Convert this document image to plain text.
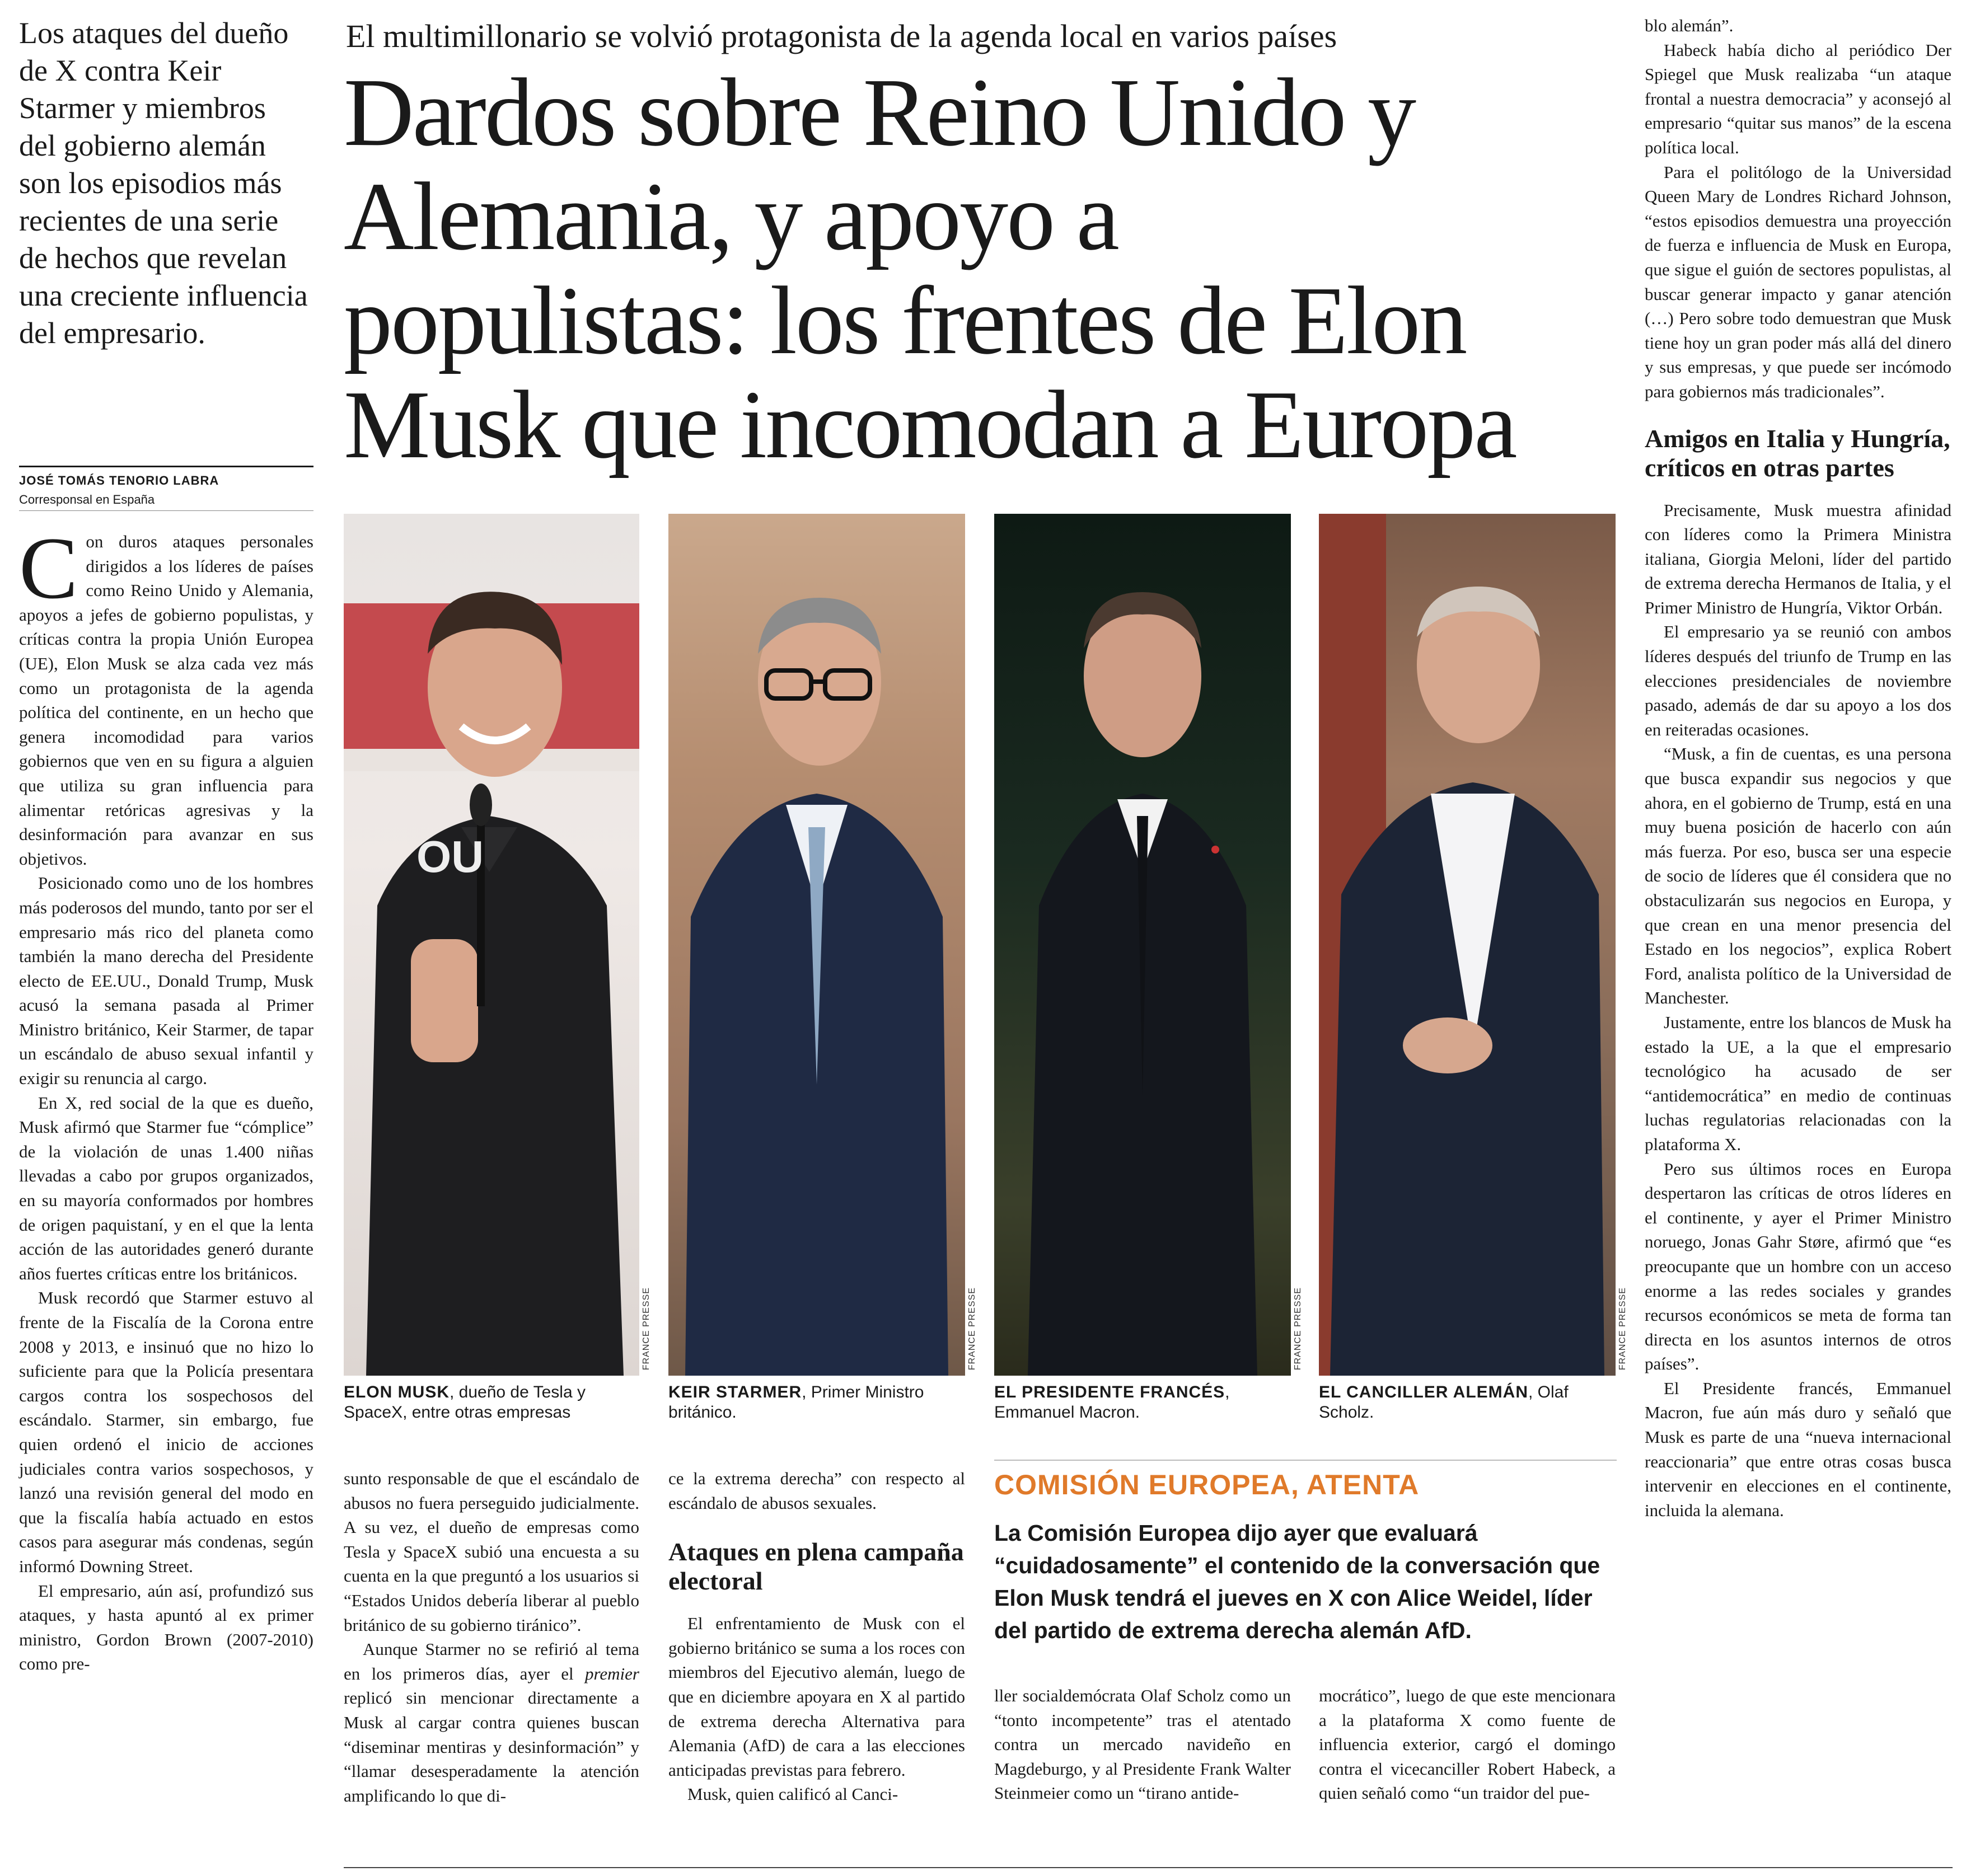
Los ataques del dueño de X contra Keir Starmer y miembros del gobierno alemán son los episodios más recientes de una serie de hechos que revelan una creciente influencia del empresario.
El multimillonario se volvió protagonista de la agenda local en varios países
Dardos sobre Reino Unido y
Alemania, y apoyo a
populistas: los frentes de Elon
Musk que incomodan a Europa
JOSÉ TOMÁS TENORIO LABRA
Corresponsal en España

Con duros ataques personales dirigidos a los líderes de países como Reino Unido y Alemania, apoyos a jefes de gobierno populistas, y críticas contra la propia Unión Europea (UE), Elon Musk se alza cada vez más como un protagonista de la agenda política del continente, en un hecho que genera incomodidad para varios gobiernos que ven en su figura a alguien que utiliza su gran influencia para alimentar retóricas agresivas y la desinformación para avanzar en sus objetivos.

Posicionado como uno de los hombres más poderosos del mundo, tanto por ser el empresario más rico del planeta como también la mano derecha del Presidente electo de EE.UU., Donald Trump, Musk acusó la semana pasada al Primer Ministro británico, Keir Starmer, de tapar un escándalo de abuso sexual infantil y exigir su renuncia al cargo.

En X, red social de la que es dueño, Musk afirmó que Starmer fue “cómplice” de la violación de unas 1.400 niñas llevadas a cabo por grupos organizados, en su mayoría conformados por hombres de origen paquistaní, y en el que la lenta acción de las autoridades generó durante años fuertes críticas entre los británicos.

Musk recordó que Starmer estuvo al frente de la Fiscalía de la Corona entre 2008 y 2013, e insinuó que no hizo lo suficiente para que la Policía presentara cargos contra los sospechosos del escándalo. Starmer, sin embargo, fue quien ordenó el inicio de acciones judiciales contra varios sospechosos, y lanzó una revisión general del modo en que la fiscalía había actuado en estos casos para asegurar más condenas, según informó Downing Street.

El empresario, aún así, profundizó sus ataques, y hasta apuntó al ex primer ministro, Gordon Brown (2007-2010) como pre-

OU
FRANCE PRESSE	FRANCE PRESSE	FRANCE PRESSE	FRANCE PRESSE
ELON MUSK, dueño de Tesla y SpaceX, entre otras empresas
KEIR STARMER, Primer Ministro británico.
EL PRESIDENTE FRANCÉS, Emmanuel Macron.
EL CANCILLER ALEMÁN, Olaf Scholz.

sunto responsable de que el escándalo de abusos no fuera perseguido judicialmente. A su vez, el dueño de empresas como Tesla y SpaceX subió una encuesta a su cuenta en la que preguntó a los usuarios si “Estados Unidos debería liberar al pueblo británico de su gobierno tiránico”.

Aunque Starmer no se refirió al tema en los primeros días, ayer el premier replicó sin mencionar directamente a Musk al cargar contra quienes buscan “diseminar mentiras y desinformación” y “llamar desesperadamente la atención amplificando lo que di-

ce la extrema derecha” con respecto al escándalo de abusos sexuales.

Ataques en plena campaña electoral

El enfrentamiento de Musk con el gobierno británico se suma a los roces con miembros del Ejecutivo alemán, luego de que en diciembre apoyara en X al partido de extrema derecha Alternativa para Alemania (AfD) de cara a las elecciones anticipadas previstas para febrero.

Musk, quien calificó al Canci-

COMISIÓN EUROPEA, ATENTA
La Comisión Europea dijo ayer que evaluará “cuidadosamente” el contenido de la conversación que Elon Musk tendrá el jueves en X con Alice Weidel, líder del partido de extrema derecha alemán AfD.

ller socialdemócrata Olaf Scholz como un “tonto incompetente” tras el atentado contra un mercado navideño en Magdeburgo, y al Presidente Frank Walter Steinmeier como un “tirano antide-

mocrático”, luego de que este mencionara a la plataforma X como fuente de influencia exterior, cargó el domingo contra el vicecanciller Robert Habeck, a quien señaló como “un traidor del pue-

blo alemán”.

Habeck había dicho al periódico Der Spiegel que Musk realizaba “un ataque frontal a nuestra democracia” y aconsejó al empresario “quitar sus manos” de la escena política local.

Para el politólogo de la Universidad Queen Mary de Londres Richard Johnson, “estos episodios demuestra una proyección de fuerza e influencia de Musk en Europa, que sigue el guión de sectores populistas, al buscar generar impacto y ganar atención (…) Pero sobre todo demuestran que Musk tiene hoy un gran poder más allá del dinero y sus empresas, y que puede ser incómodo para gobiernos más tradicionales”.

Amigos en Italia y Hungría, críticos en otras partes

Precisamente, Musk muestra afinidad con líderes como la Primera Ministra italiana, Giorgia Meloni, líder del partido de extrema derecha Hermanos de Italia, y el Primer Ministro de Hungría, Viktor Orbán.

El empresario ya se reunió con ambos líderes después del triunfo de Trump en las elecciones presidenciales de noviembre pasado, además de dar su apoyo a los dos en reiteradas ocasiones.

“Musk, a fin de cuentas, es una persona que busca expandir sus negocios y que ahora, en el gobierno de Trump, está en una muy buena posición de hacerlo con aún más fuerza. Por eso, busca ser una especie de socio de líderes que él considera que no obstaculizarán sus negocios en Europa, y que crean en una menor presencia del Estado en los negocios”, explica Robert Ford, analista político de la Universidad de Manchester.

Justamente, entre los blancos de Musk ha estado la UE, a la que el empresario tecnológico ha acusado de ser “antidemocrática” en medio de continuas luchas regulatorias relacionadas con la plataforma X.

Pero sus últimos roces en Europa despertaron las críticas de otros líderes en el continente, y ayer el Primer Ministro noruego, Jonas Gahr Støre, afirmó que “es preocupante que un hombre con un acceso enorme a las redes sociales y grandes recursos económicos se meta de forma tan directa en los asuntos internos de otros países”.

El Presidente francés, Emmanuel Macron, fue aún más duro y señaló que Musk es parte de una “nueva internacional reaccionaria” que entre otras cosas busca intervenir en elecciones en el continente, incluida la alemana.
